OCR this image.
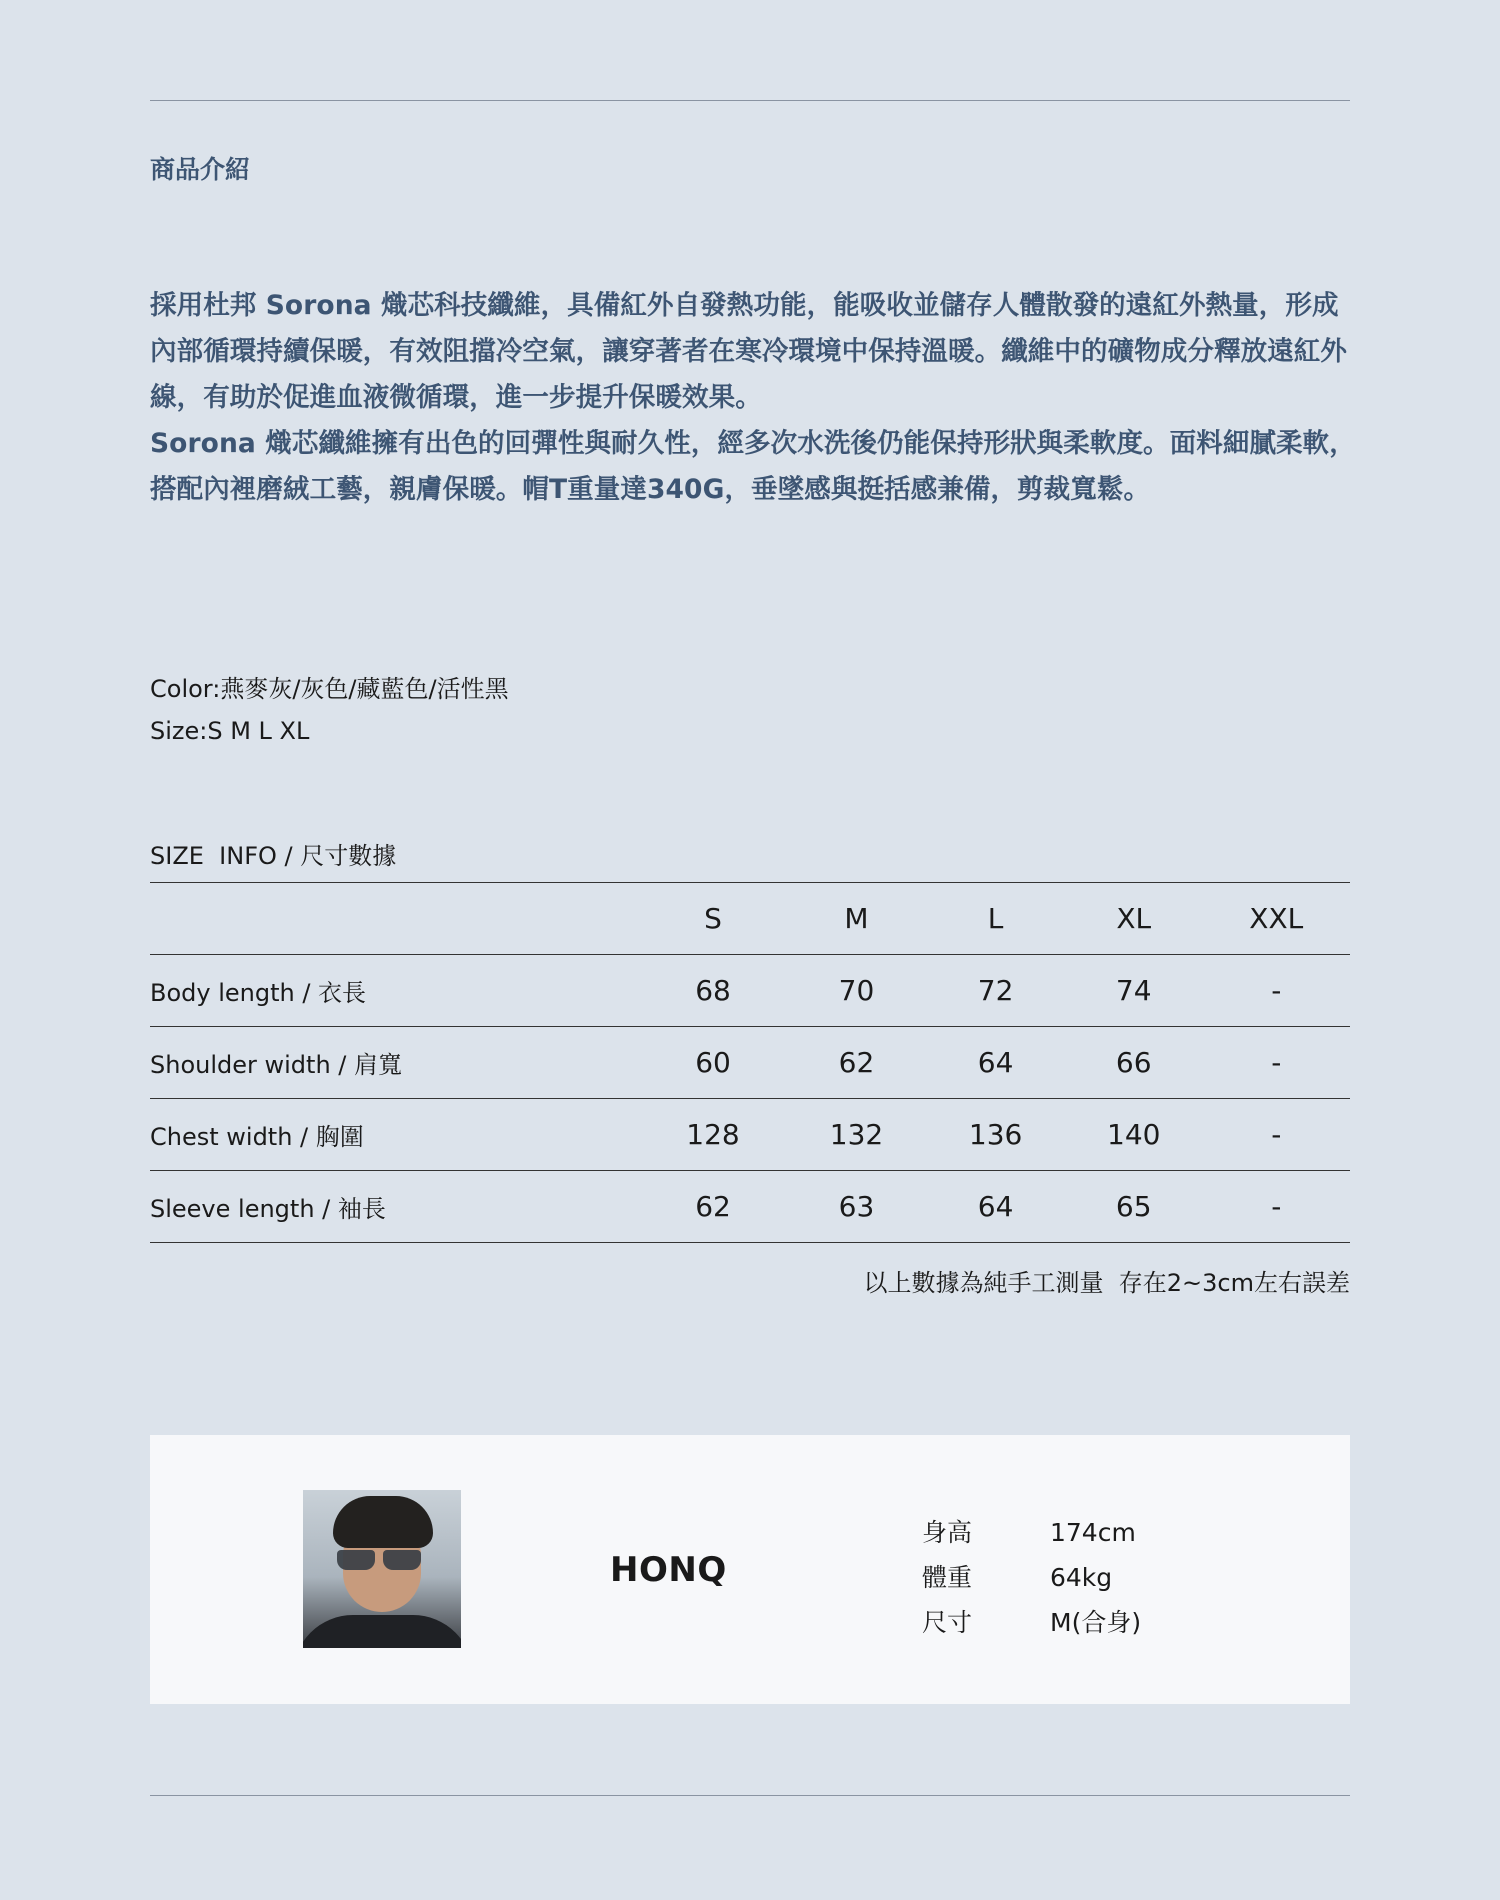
商品介紹

採用杜邦 Sorona 熾芯科技纖維，具備紅外自發熱功能，能吸收並儲存人體散發的遠紅外熱量，形成內部循環持續保暖，有效阻擋冷空氣，讓穿著者在寒冷環境中保持溫暖。纖維中的礦物成分釋放遠紅外線，有助於促進血液微循環，進一步提升保暖效果。

Sorona 熾芯纖維擁有出色的回彈性與耐久性，經多次水洗後仍能保持形狀與柔軟度。面料細膩柔軟，搭配內裡磨絨工藝，親膚保暖。帽T重量達340G，垂墜感與挺括感兼備，剪裁寬鬆。

Color:燕麥灰/灰色/藏藍色/活性黑
Size:S M L XL
SIZE  INFO / 尺寸數據
	S	M	L	XL	XXL	
Body length / 衣長	68	70	72	74	-	
Shoulder width / 肩寬	60	62	64	66	-	
Chest width / 胸圍	128	132	136	140	-	
Sleeve length / 袖長	62	63	64	65	-	
以上數據為純手工測量  存在2~3cm左右誤差
HONQ
身高	174cm
體重	64kg
尺寸	M(合身)
